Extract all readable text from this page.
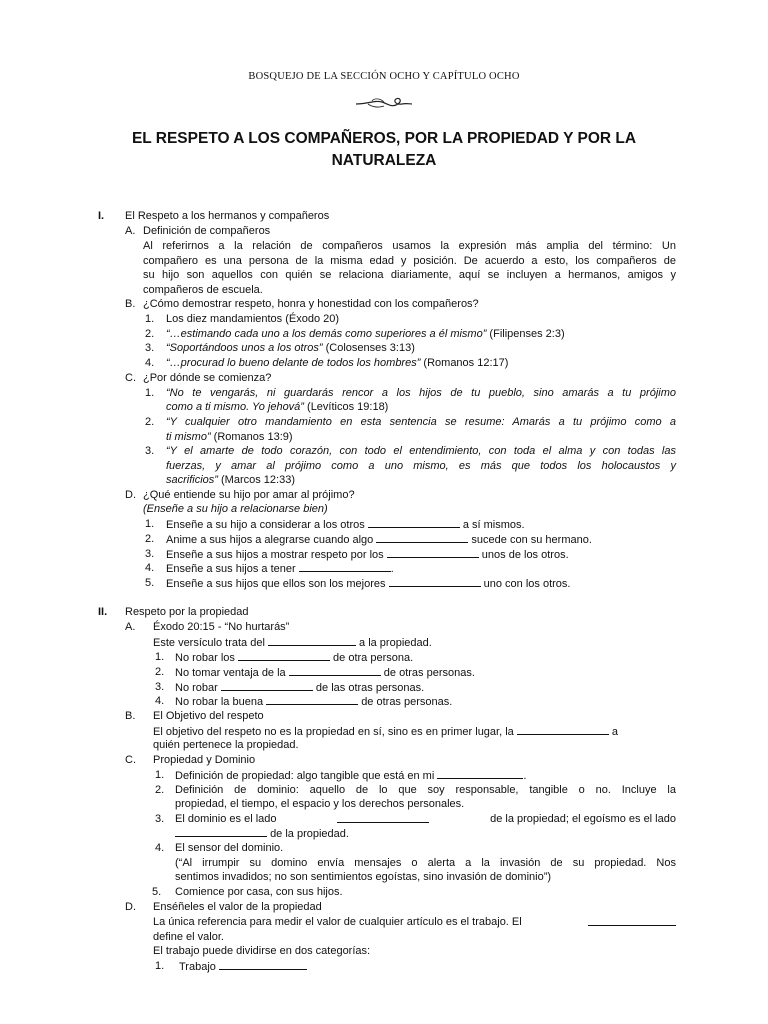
BOSQUEJO DE LA SECCIÓN OCHO Y CAPÍTULO OCHO
EL RESPETO A LOS COMPAÑEROS, POR LA PROPIEDAD Y POR LA
NATURALEZA
I. El Respeto a los hermanos y compañeros
A. Definición de compañeros
Al referirnos a la relación de compañeros usamos la expresión más amplia del término: Un
compañero es una persona de la misma edad y posición. De acuerdo a esto, los compañeros de
su hijo son aquellos con quién se relaciona diariamente, aquí se incluyen a hermanos, amigos y
compañeros de escuela.
B. ¿Cómo demostrar respeto, honra y honestidad con los compañeros?
1. Los diez mandamientos (Éxodo 20)
2. “…estimando cada uno a los demás como superiores a él mismo” (Filipenses 2:3)
3. “Soportándoos unos a los otros” (Colosenses 3:13)
4. “…procurad lo bueno delante de todos los hombres” (Romanos 12:17)
C. ¿Por dónde se comienza?
1. “No te vengarás, ni guardarás rencor a los hijos de tu pueblo, sino amarás a tu prójimo
como a ti mismo. Yo jehová” (Levíticos 19:18)
2. “Y cualquier otro mandamiento en esta sentencia se resume: Amarás a tu prójimo como a
ti mismo” (Romanos 13:9)
3. “Y el amarte de todo corazón, con todo el entendimiento, con toda el alma y con todas las
fuerzas, y amar al prójimo como a uno mismo, es más que todos los holocaustos y
sacrificios” (Marcos 12:33)
D. ¿Qué entiende su hijo por amar al prójimo?
(Enseñe a su hijo a relacionarse bien)
1. Enseñe a su hijo a considerar a los otros	a sí mismos.
2. Anime a sus hijos a alegrarse cuando algo	sucede con su hermano.
3. Enseñe a sus hijos a mostrar respeto por los	unos de los otros.
4. Enseñe a sus hijos a tener	.
5. Enseñe a sus hijos que ellos son los mejores	uno con los otros.
II. Respeto por la propiedad
A. Éxodo 20:15 - “No hurtarás”
Este versículo trata del	a la propiedad.
1. No robar los	de otra persona.
2. No tomar ventaja de la	de otras personas.
3. No robar	de las otras personas.
4. No robar la buena	de otras personas.
B. El Objetivo del respeto
El objetivo del respeto no es la propiedad en sí, sino es en primer lugar, la	a
quién pertenece la propiedad.
C. Propiedad y Dominio
1. Definición de propiedad: algo tangible que está en mi	.
2. Definición de dominio: aquello de lo que soy responsable, tangible o no. Incluye la
propiedad, el tiempo, el espacio y los derechos personales.
3. El dominio es el lado	de la propiedad; el egoísmo es el lado
de la propiedad.
4. El sensor del dominio.
(“Al irrumpir su domino envía mensajes o alerta a la invasión de su propiedad. Nos
sentimos invadidos; no son sentimientos egoístas, sino invasión de dominio”)
5. Comience por casa, con sus hijos.
D. Enséñeles el valor de la propiedad
La única referencia para medir el valor de cualquier artículo es el trabajo. El
define el valor.
El trabajo puede dividirse en dos categorías:
1. Trabajo
